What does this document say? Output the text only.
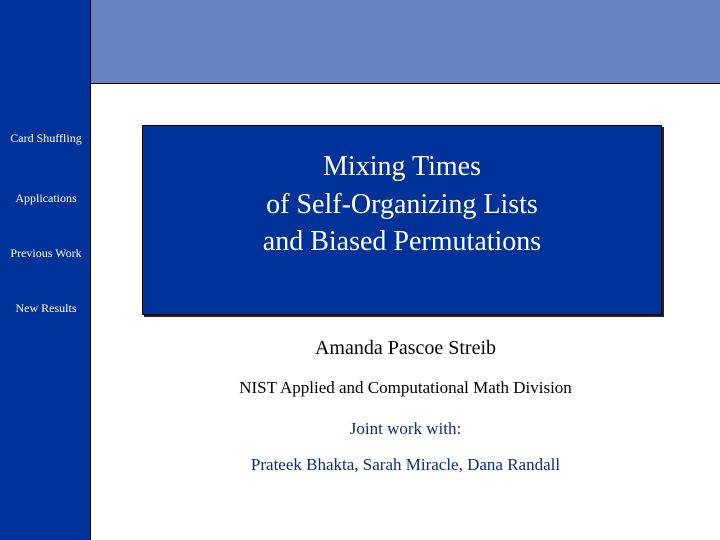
Card Shuffling
Applications
Previous Work
New Results
Mixing Times
of Self-Organizing Lists
and Biased Permutations
Amanda Pascoe Streib
NIST Applied and Computational Math Division
Joint work with:
Prateek Bhakta, Sarah Miracle, Dana Randall
